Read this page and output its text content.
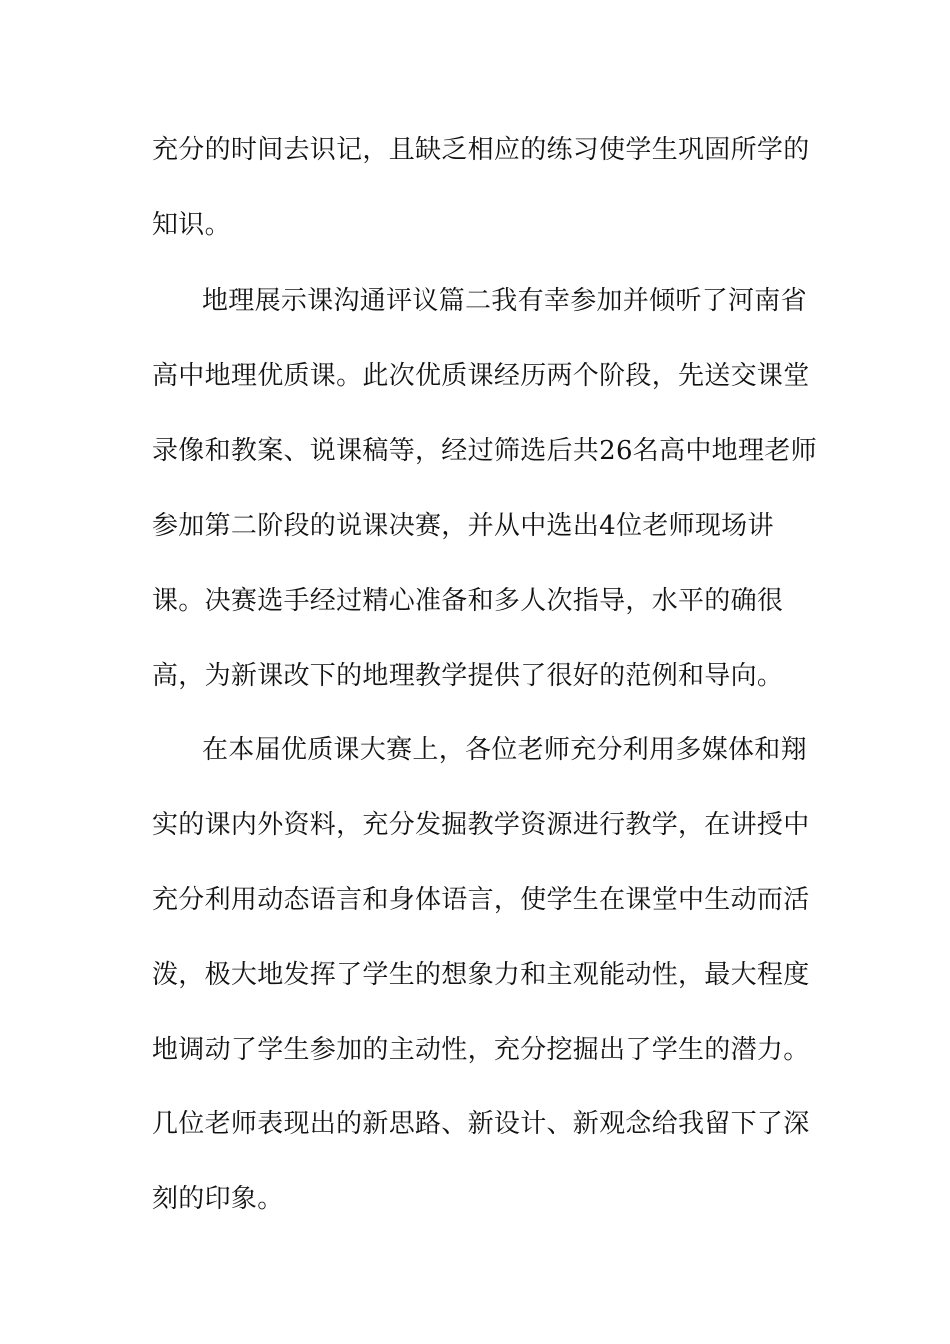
充分的时间去识记，且缺乏相应的练习使学生巩固所学的
知识。
地理展示课沟通评议篇二我有幸参加并倾听了河南省
高中地理优质课。此次优质课经历两个阶段，先送交课堂
录像和教案、说课稿等，经过筛选后共26名高中地理老师
参加第二阶段的说课决赛，并从中选出4位老师现场讲
课。决赛选手经过精心准备和多人次指导，水平的确很
高，为新课改下的地理教学提供了很好的范例和导向。
在本届优质课大赛上，各位老师充分利用多媒体和翔
实的课内外资料，充分发掘教学资源进行教学，在讲授中
充分利用动态语言和身体语言，使学生在课堂中生动而活
泼，极大地发挥了学生的想象力和主观能动性，最大程度
地调动了学生参加的主动性，充分挖掘出了学生的潜力。
几位老师表现出的新思路、新设计、新观念给我留下了深
刻的印象。
